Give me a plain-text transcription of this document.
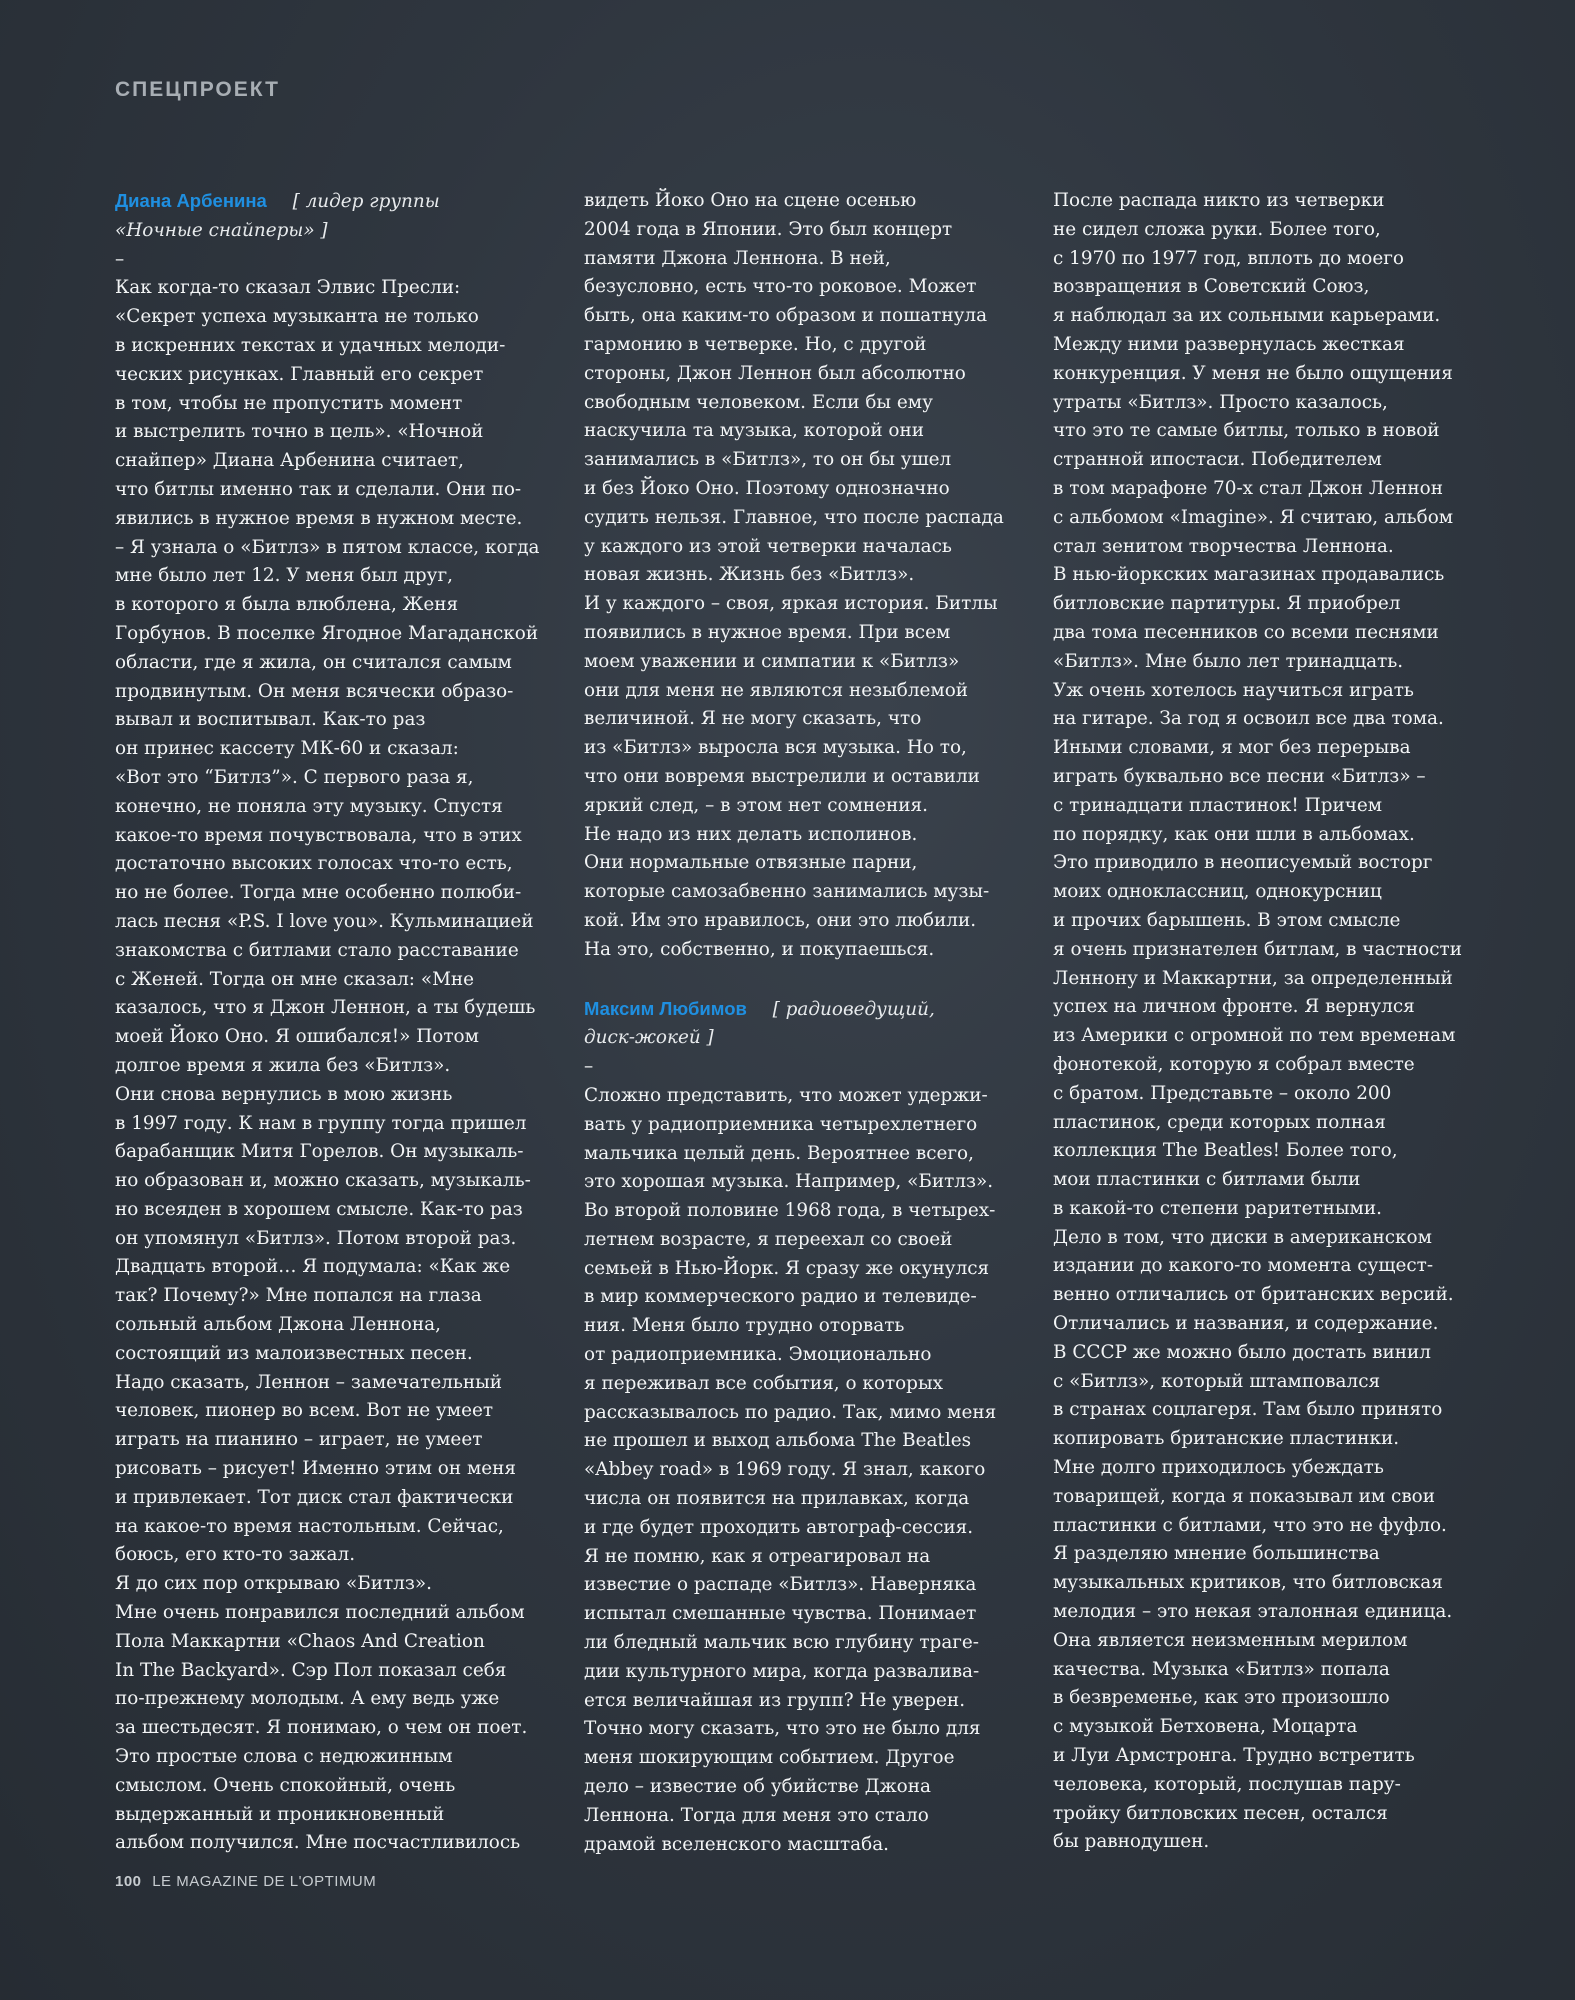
СПЕЦПРОЕКТ

Диана Арбенина [ лидер группы

«Ночные снайперы» ]

–

Как когда-то сказал Элвис Пресли:

«Секрет успеха музыканта не только

в искренних текстах и удачных мелоди-

ческих рисунках. Главный его секрет

в том, чтобы не пропустить момент

и выстрелить точно в цель». «Ночной

снайпер» Диана Арбенина считает,

что битлы именно так и сделали. Они по-

явились в нужное время в нужном месте.

– Я узнала о «Битлз» в пятом классе, когда

мне было лет 12. У меня был друг,

в которого я была влюблена, Женя

Горбунов. В поселке Ягодное Магаданской

области, где я жила, он считался самым

продвинутым. Он меня всячески образо-

вывал и воспитывал. Как-то раз

он принес кассету МК-60 и сказал:

«Вот это “Битлз”». С первого раза я,

конечно, не поняла эту музыку. Спустя

какое-то время почувствовала, что в этих

достаточно высоких голосах что-то есть,

но не более. Тогда мне особенно полюби-

лась песня «P.S. I love you». Кульминацией

знакомства с битлами стало расставание

с Женей. Тогда он мне сказал: «Мне

казалось, что я Джон Леннон, а ты будешь

моей Йоко Оно. Я ошибался!» Потом

долгое время я жила без «Битлз».

Они снова вернулись в мою жизнь

в 1997 году. К нам в группу тогда пришел

барабанщик Митя Горелов. Он музыкаль-

но образован и, можно сказать, музыкаль-

но всеяден в хорошем смысле. Как-то раз

он упомянул «Битлз». Потом второй раз.

Двадцать второй… Я подумала: «Как же

так? Почему?» Мне попался на глаза

сольный альбом Джона Леннона,

состоящий из малоизвестных песен.

Надо сказать, Леннон – замечательный

человек, пионер во всем. Вот не умеет

играть на пианино – играет, не умеет

рисовать – рисует! Именно этим он меня

и привлекает. Тот диск стал фактически

на какое-то время настольным. Сейчас,

боюсь, его кто-то зажал.

Я до сих пор открываю «Битлз».

Мне очень понравился последний альбом

Пола Маккартни «Chaos And Creation

In The Backyard». Сэр Пол показал себя

по-прежнему молодым. А ему ведь уже

за шестьдесят. Я понимаю, о чем он поет.

Это простые слова с недюжинным

смыслом. Очень спокойный, очень

выдержанный и проникновенный

альбом получился. Мне посчастливилось

видеть Йоко Оно на сцене осенью

2004 года в Японии. Это был концерт

памяти Джона Леннона. В ней,

безусловно, есть что-то роковое. Может

быть, она каким-то образом и пошатнула

гармонию в четверке. Но, с другой

стороны, Джон Леннон был абсолютно

свободным человеком. Если бы ему

наскучила та музыка, которой они

занимались в «Битлз», то он бы ушел

и без Йоко Оно. Поэтому однозначно

судить нельзя. Главное, что после распада

у каждого из этой четверки началась

новая жизнь. Жизнь без «Битлз».

И у каждого – своя, яркая история. Битлы

появились в нужное время. При всем

моем уважении и симпатии к «Битлз»

они для меня не являются незыблемой

величиной. Я не могу сказать, что

из «Битлз» выросла вся музыка. Но то,

что они вовремя выстрелили и оставили

яркий след, – в этом нет сомнения.

Не надо из них делать исполинов.

Они нормальные отвязные парни,

которые самозабвенно занимались музы-

кой. Им это нравилось, они это любили.

На это, собственно, и покупаешься.

Максим Любимов [ радиоведущий,

диск-жокей ]

–

Сложно представить, что может удержи-

вать у радиоприемника четырехлетнего

мальчика целый день. Вероятнее всего,

это хорошая музыка. Например, «Битлз».

Во второй половине 1968 года, в четырех-

летнем возрасте, я переехал со своей

семьей в Нью-Йорк. Я сразу же окунулся

в мир коммерческого радио и телевиде-

ния. Меня было трудно оторвать

от радиоприемника. Эмоционально

я переживал все события, о которых

рассказывалось по радио. Так, мимо меня

не прошел и выход альбома The Beatles

«Abbey road» в 1969 году. Я знал, какого

числа он появится на прилавках, когда

и где будет проходить автограф-сессия.

Я не помню, как я отреагировал на

известие о распаде «Битлз». Наверняка

испытал смешанные чувства. Понимает

ли бледный мальчик всю глубину траге-

дии культурного мира, когда разваливa-

ется величайшая из групп? Не уверен.

Точно могу сказать, что это не было для

меня шокирующим событием. Другое

дело – известие об убийстве Джона

Леннона. Тогда для меня это стало

драмой вселенского масштаба.

После распада никто из четверки

не сидел сложа руки. Более того,

с 1970 по 1977 год, вплоть до моего

возвращения в Советский Союз,

я наблюдал за их сольными карьерами.

Между ними развернулась жесткая

конкуренция. У меня не было ощущения

утраты «Битлз». Просто казалось,

что это те самые битлы, только в новой

странной ипостаси. Победителем

в том марафоне 70-х стал Джон Леннон

с альбомом «Imagine». Я считаю, альбом

стал зенитом творчества Леннона.

В нью-йоркских магазинах продавались

битловские партитуры. Я приобрел

два тома песенников со всеми песнями

«Битлз». Мне было лет тринадцать.

Уж очень хотелось научиться играть

на гитаре. За год я освоил все два тома.

Иными словами, я мог без перерыва

играть буквально все песни «Битлз» –

с тринадцати пластинок! Причем

по порядку, как они шли в альбомах.

Это приводило в неописуемый восторг

моих одноклассниц, однокурсниц

и прочих барышень. В этом смысле

я очень признателен битлам, в частности

Леннону и Маккартни, за определенный

успех на личном фронте. Я вернулся

из Америки с огромной по тем временам

фонотекой, которую я собрал вместе

с братом. Представьте – около 200

пластинок, среди которых полная

коллекция The Beatles! Более того,

мои пластинки с битлами были

в какой-то степени раритетными.

Дело в том, что диски в американском

издании до какого-то момента сущест-

венно отличались от британских версий.

Отличались и названия, и содержание.

В СССР же можно было достать винил

с «Битлз», который штамповался

в странах соцлагеря. Там было принято

копировать британские пластинки.

Мне долго приходилось убеждать

товарищей, когда я показывал им свои

пластинки с битлами, что это не фуфло.

Я разделяю мнение большинства

музыкальных критиков, что битловская

мелодия – это некая эталонная единица.

Она является неизменным мерилом

качества. Музыка «Битлз» попала

в безвременье, как это произошло

с музыкой Бетховена, Моцарта

и Луи Армстронга. Трудно встретить

человека, который, послушав пару-

тройку битловских песен, остался

бы равнодушен.

100 LE MAGAZINE DE L'OPTIMUM
